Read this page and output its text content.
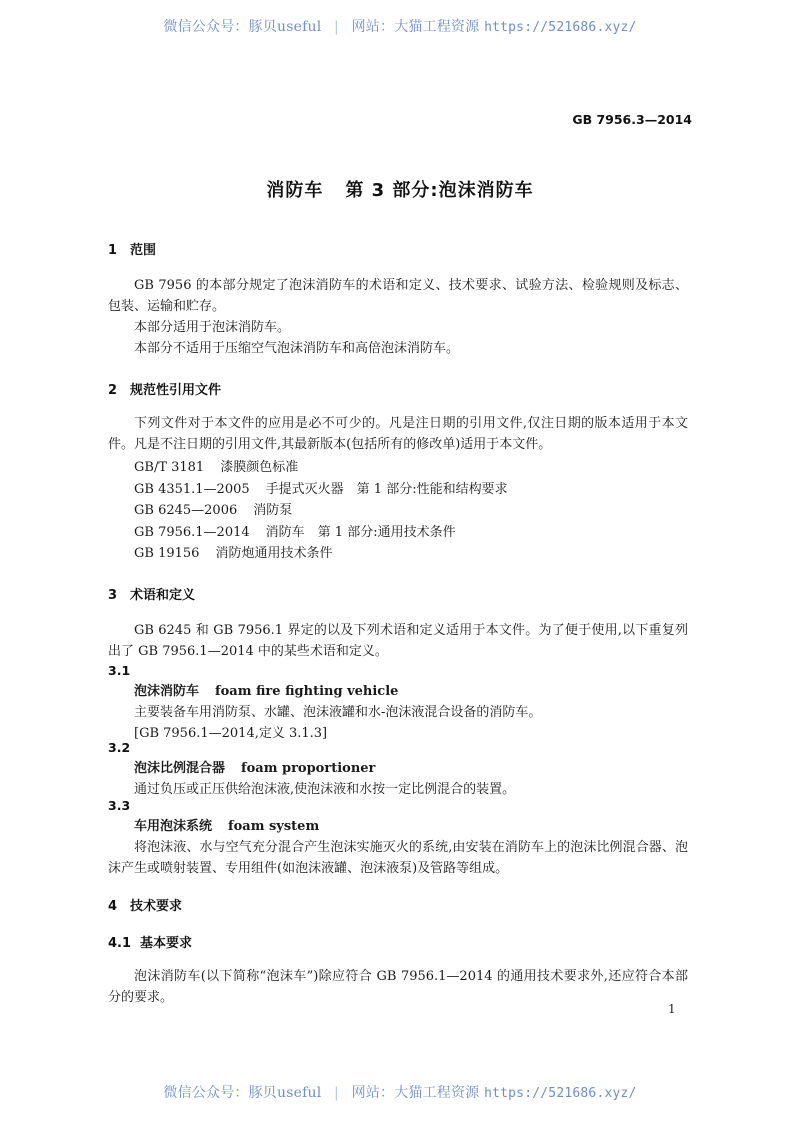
微信公众号：豚贝useful | 网站：大猫工程资源 https://521686.xyz/
GB 7956.3—2014
消防车 第 3 部分:泡沫消防车
1 范围
GB 7956 的本部分规定了泡沫消防车的术语和定义、技术要求、试验方法、检验规则及标志、包装、运输和贮存。
本部分适用于泡沫消防车。
本部分不适用于压缩空气泡沫消防车和高倍泡沫消防车。
2 规范性引用文件
下列文件对于本文件的应用是必不可少的。凡是注日期的引用文件,仅注日期的版本适用于本文件。凡是不注日期的引用文件,其最新版本(包括所有的修改单)适用于本文件。
GB/T 3181 漆膜颜色标准
GB 4351.1—2005 手提式灭火器　第 1 部分:性能和结构要求
GB 6245—2006 消防泵
GB 7956.1—2014 消防车　第 1 部分:通用技术条件
GB 19156 消防炮通用技术条件
3 术语和定义
GB 6245 和 GB 7956.1 界定的以及下列术语和定义适用于本文件。为了便于使用,以下重复列出了 GB 7956.1—2014 中的某些术语和定义。
3.1
泡沫消防车 foam fire fighting vehicle
主要装备车用消防泵、水罐、泡沫液罐和水-泡沫液混合设备的消防车。
[GB 7956.1—2014,定义 3.1.3]
3.2
泡沫比例混合器 foam proportioner
通过负压或正压供给泡沫液,使泡沫液和水按一定比例混合的装置。
3.3
车用泡沫系统 foam system
将泡沫液、水与空气充分混合产生泡沫实施灭火的系统,由安装在消防车上的泡沫比例混合器、泡沫产生或喷射装置、专用组件(如泡沫液罐、泡沫液泵)及管路等组成。
4 技术要求
4.1 基本要求
泡沫消防车(以下简称“泡沫车”)除应符合 GB 7956.1—2014 的通用技术要求外,还应符合本部分的要求。
1
微信公众号：豚贝useful | 网站：大猫工程资源 https://521686.xyz/
